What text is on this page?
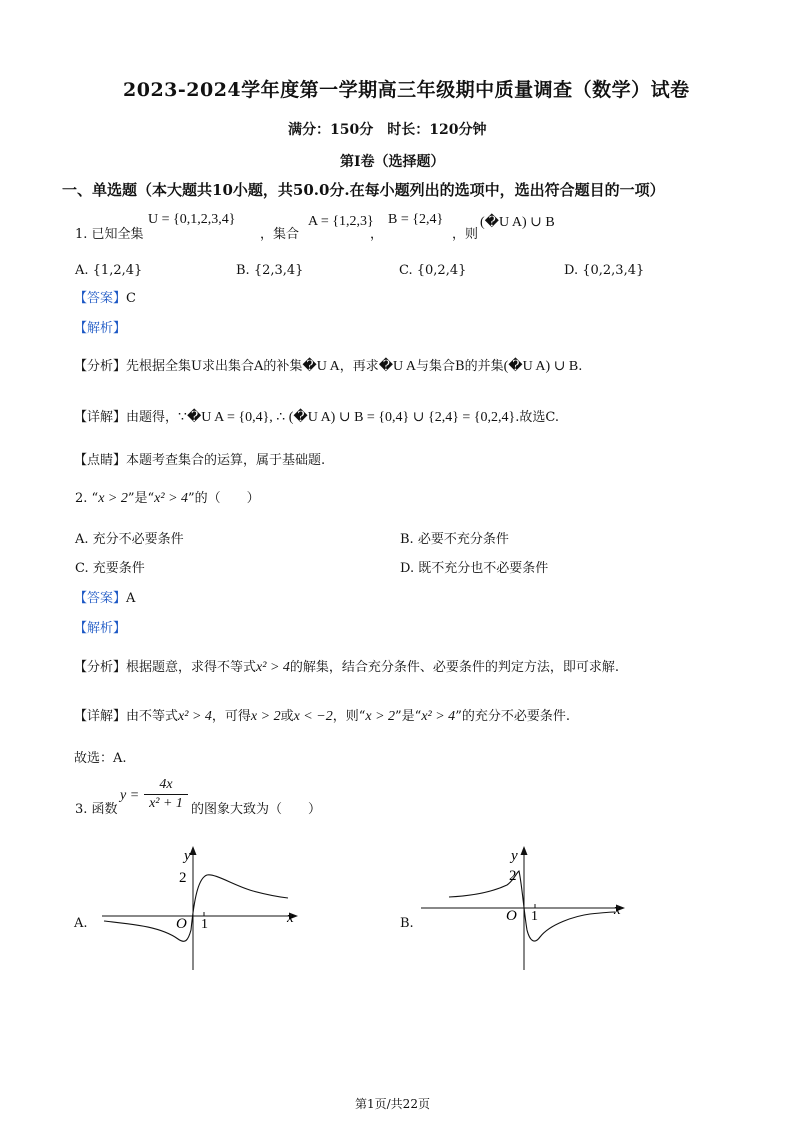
2023-2024学年度第一学期高三年级期中质量调查（数学）试卷
满分：150分　时长：120分钟
第I卷（选择题）
一、单选题（本大题共10小题，共50.0分.在每小题列出的选项中，选出符合题目的一项）
1. 已知全集
U = {0,1,2,3,4}
，集合
A = {1,2,3}
，
B = {2,4}
，则
(�U A) ∪ B
A. {1,2,4}	B. {2,3,4}	C. {0,2,4}	D. {0,2,3,4}
【答案】C
【解析】
【分析】先根据全集U求出集合A的补集�U A，再求�U A与集合B的并集(�U A) ∪ B.
【详解】由题得，∵�U A = {0,4}, ∴ (�U A) ∪ B = {0,4} ∪ {2,4} = {0,2,4}.故选C.
【点睛】本题考查集合的运算，属于基础题.
2. “x > 2”是“x² > 4”的（　　）
A. 充分不必要条件	B. 必要不充分条件
C. 充要条件	D. 既不充分也不必要条件
【答案】A
【解析】
【分析】根据题意，求得不等式x² > 4的解集，结合充分条件、必要条件的判定方法，即可求解.
【详解】由不等式x² > 4，可得x > 2或x < −2，则“x > 2”是“x² > 4”的充分不必要条件.
故选：A.
3. 函数
y =
4x
x² + 1 的图象大致为（　　）
A.
y
x
O 1
2
B.
y
x
O 1
2
第1页/共22页
